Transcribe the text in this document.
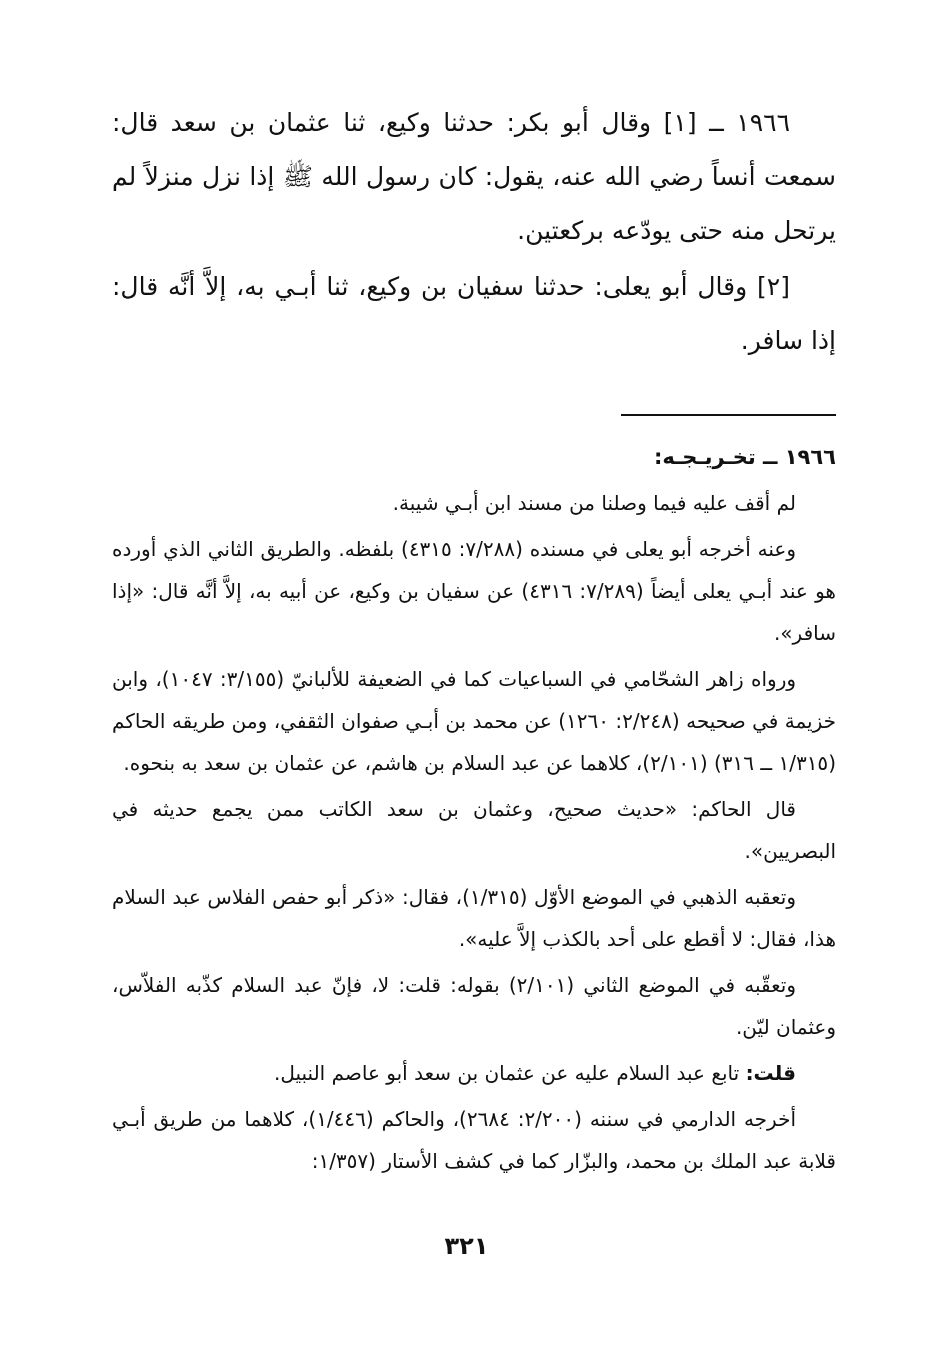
١٩٦٦ ــ [١] وقال أبو بكر: حدثنا وكيع، ثنا عثمان بن سعد قال: سمعت أنساً رضي الله عنه، يقول: كان رسول الله ﷺ إذا نزل منزلاً لم يرتحل منه حتى يودّعه بركعتين.

[٢] وقال أبو يعلى: حدثنا سفيان بن وكيع، ثنا أبـي به، إلاَّ أنَّه قال: إذا سافر.

١٩٦٦ ــ تخـريـجـه:

لم أقف عليه فيما وصلنا من مسند ابن أبـي شيبة.

وعنه أخرجه أبو يعلى في مسنده (٧/٢٨٨: ٤٣١٥) بلفظه. والطريق الثاني الذي أورده هو عند أبـي يعلى أيضاً (٧/٢٨٩: ٤٣١٦) عن سفيان بن وكيع، عن أبيه به، إلاَّ أنَّه قال: «إذا سافر».

ورواه زاهر الشحّامي في السباعيات كما في الضعيفة للألبانيّ (٣/١٥٥: ١٠٤٧)، وابن خزيمة في صحيحه (٢/٢٤٨: ١٢٦٠) عن محمد بن أبـي صفوان الثقفي، ومن طريقه الحاكم (١/٣١٥ ــ ٣١٦) (٢/١٠١)، كلاهما عن عبد السلام بن هاشم، عن عثمان بن سعد به بنحوه.

قال الحاكم: «حديث صحيح، وعثمان بن سعد الكاتب ممن يجمع حديثه في البصريين».

وتعقبه الذهبي في الموضع الأوّل (١/٣١٥)، فقال: «ذكر أبو حفص الفلاس عبد السلام هذا، فقال: لا أقطع على أحد بالكذب إلاَّ عليه».

وتعقّبه في الموضع الثاني (٢/١٠١) بقوله: قلت: لا، فإنّ عبد السلام كذّبه الفلاّس، وعثمان ليّن.

قلت: تابع عبد السلام عليه عن عثمان بن سعد أبو عاصم النبيل.

أخرجه الدارمي في سننه (٢/٢٠٠: ٢٦٨٤)، والحاكم (١/٤٤٦)، كلاهما من طريق أبـي قلابة عبد الملك بن محمد، والبزّار كما في كشف الأستار (١/٣٥٧:

٣٢١
